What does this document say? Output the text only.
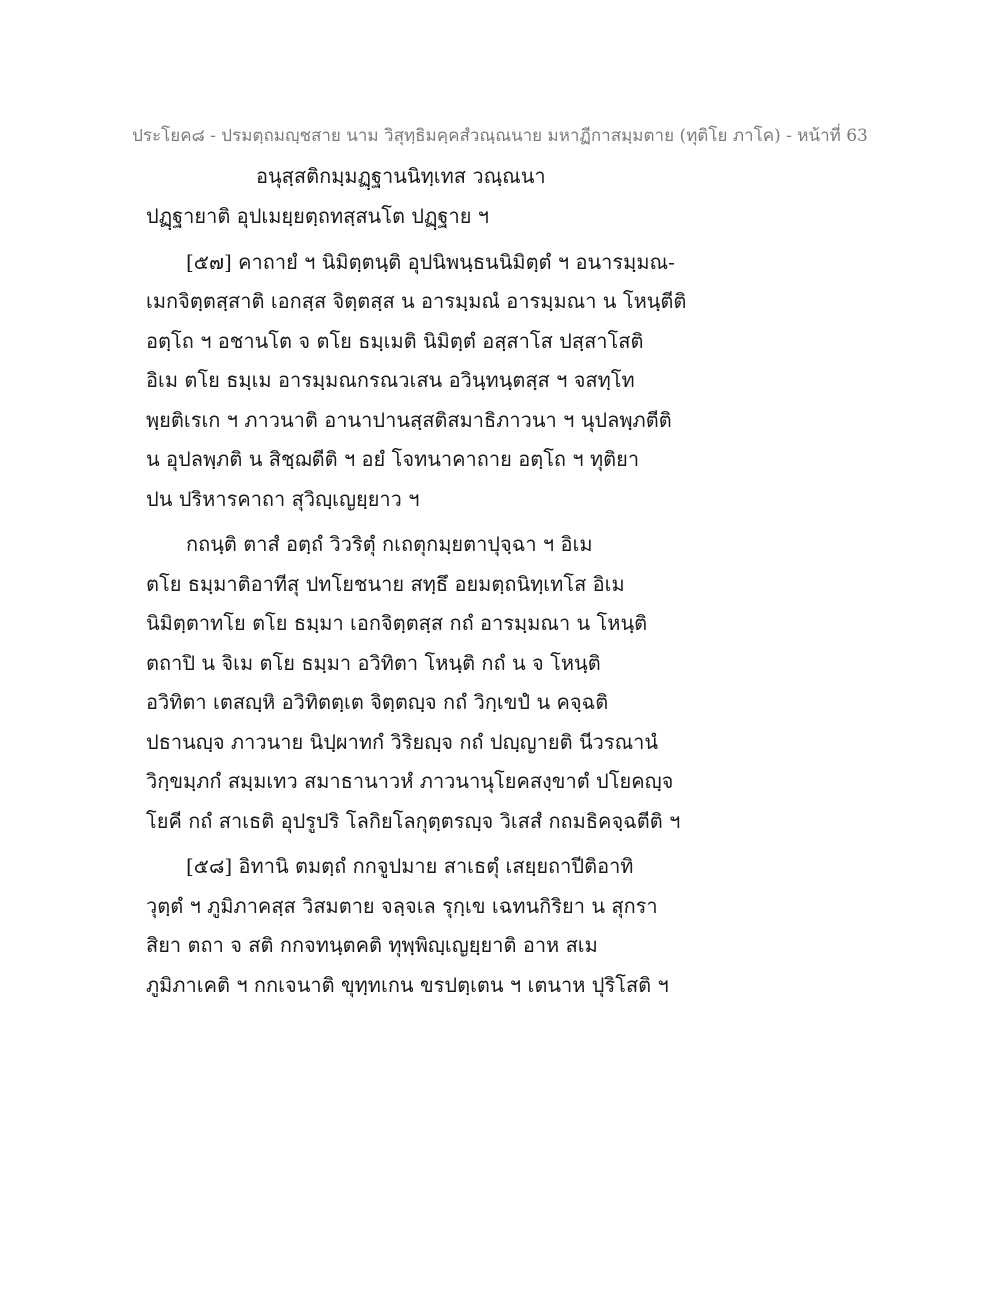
ประโยค๘ - ปรมตฺถมญฺชสาย นาม วิสุทฺธิมคฺคสํวณฺณนาย มหาฏีกาสมฺมตาย (ทุติโย ภาโค) - หน้าที่ 63
อนุสฺสติกมฺมฏฺฐานนิทฺเทส วณฺณนา
ปฏฺฐายาติ อุปเมยฺยตฺถทสฺสนโต ปฏฺฐาย ฯ
[๕๗] คาถายํ ฯ นิมิตฺตนฺติ อุปนิพนฺธนนิมิตฺตํ ฯ อนารมฺมณ-
เมกจิตฺตสฺสาติ เอกสฺส จิตฺตสฺส น อารมฺมณํ อารมฺมณา น โหนฺตีติ
อตฺโถ ฯ อชานโต จ ตโย ธมฺเมติ นิมิตฺตํ อสฺสาโส ปสฺสาโสติ
อิเม ตโย ธมฺเม อารมฺมณกรณวเสน อวินฺทนฺตสฺส ฯ จสทฺโท
พฺยติเรเก ฯ ภาวนาติ อานาปานสฺสติสมาธิภาวนา ฯ นุปลพฺภตีติ
น อุปลพฺภติ น สิชฺฌตีติ ฯ อยํ โจทนาคาถาย อตฺโถ ฯ ทุติยา
ปน ปริหารคาถา สุวิญฺเญยฺยาว ฯ
กถนฺติ ตาสํ อตฺถํ วิวริตุํ กเถตุกมฺยตาปุจฺฉา ฯ อิเม
ตโย ธมฺมาติอาทีสุ ปทโยชนาย สทฺธึ อยมตฺถนิทฺเทโส อิเม
นิมิตฺตาทโย ตโย ธมฺมา เอกจิตฺตสฺส กถํ อารมฺมณา น โหนฺติ
ตถาปิ น จิเม ตโย ธมฺมา อวิทิตา โหนฺติ กถํ น จ โหนฺติ
อวิทิตา เตสญฺหิ อวิทิตตฺเต จิตฺตญฺจ กถํ วิกฺเขปํ น คจฺฉติ
ปธานญฺจ ภาวนาย นิปฺผาทกํ วิริยญฺจ กถํ ปญฺญายติ นีวรณานํ
วิกฺขมฺภกํ สมฺมเทว สมาธานาวหํ ภาวนานุโยคสงฺขาตํ ปโยคญฺจ
โยคี กถํ สาเธติ อุปรูปริ โลกิยโลกุตฺตรญฺจ วิเสสํ กถมธิคจฺฉตีติ ฯ
[๕๘] อิทานิ ตมตฺถํ กกจูปมาย สาเธตุํ เสยฺยถาปีติอาทิ
วุตฺตํ ฯ ภูมิภาคสฺส วิสมตาย จลฺจเล รุกฺเข เฉทนกิริยา น สุกรา
สิยา ตถา จ สติ กกจทนฺตคติ ทุพฺพิญฺเญยฺยาติ อาห สเม
ภูมิภาเคติ ฯ กกเจนาติ ขุทฺทเกน ขรปตฺเตน ฯ เตนาห ปุริโสติ ฯ
